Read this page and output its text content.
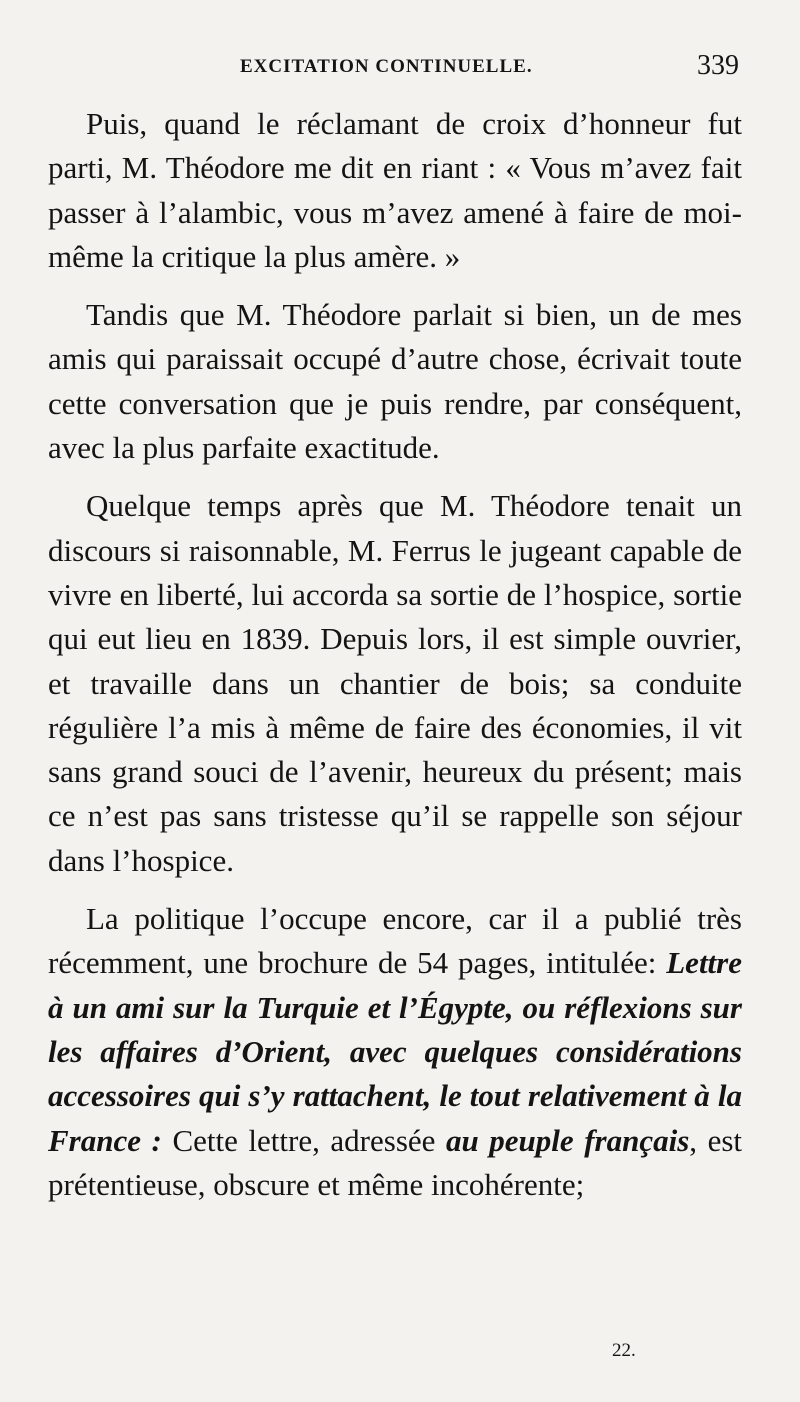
EXCITATION CONTINUELLE.	339

Puis, quand le réclamant de croix d’honneur fut parti, M. Théodore me dit en riant : « Vous m’avez fait passer à l’alambic, vous m’avez amené à faire de moi-même la critique la plus amère. »

Tandis que M. Théodore parlait si bien, un de mes amis qui paraissait occupé d’autre chose, écrivait toute cette conversation que je puis rendre, par conséquent, avec la plus parfaite exactitude.

Quelque temps après que M. Théodore tenait un discours si raisonnable, M. Ferrus le jugeant capable de vivre en liberté, lui accorda sa sortie de l’hospice, sortie qui eut lieu en 1839. Depuis lors, il est simple ouvrier, et travaille dans un chantier de bois; sa conduite régulière l’a mis à même de faire des économies, il vit sans grand souci de l’avenir, heureux du présent; mais ce n’est pas sans tristesse qu’il se rappelle son séjour dans l’hospice.

La politique l’occupe encore, car il a publié très récemment, une brochure de 54 pages, intitulée: Lettre à un ami sur la Turquie et l’Égypte, ou réflexions sur les affaires d’Orient, avec quelques considérations accessoires qui s’y rattachent, le tout relativement à la France : Cette lettre, adressée au peuple français, est prétentieuse, obscure et même incohérente;

22.
